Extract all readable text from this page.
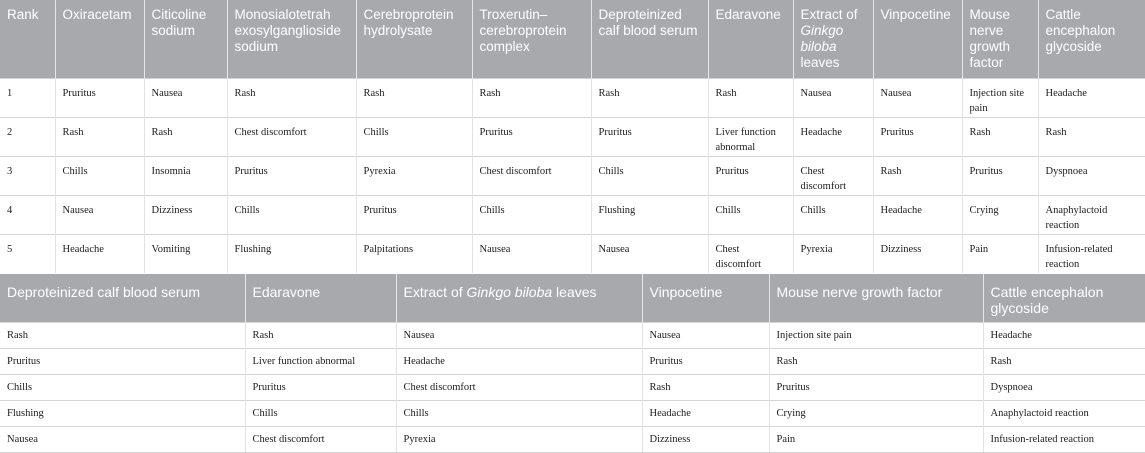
Rank	Oxiracetam	Citicoline sodium	Monosialotetrah exosylganglioside sodium	Cerebroprotein hydrolysate	Troxerutin–cerebroprotein complex	Deproteinized calf blood serum	Edaravone	Extract of Ginkgo biloba leaves	Vinpocetine	Mouse nerve growth factor	Cattle encephalon glycoside
1	Pruritus	Nausea	Rash	Rash	Rash	Rash	Rash	Nausea	Nausea	Injection site pain	Headache
2	Rash	Rash	Chest discomfort	Chills	Pruritus	Pruritus	Liver function abnormal	Headache	Pruritus	Rash	Rash
3	Chills	Insomnia	Pruritus	Pyrexia	Chest discomfort	Chills	Pruritus	Chest discomfort	Rash	Pruritus	Dyspnoea
4	Nausea	Dizziness	Chills	Pruritus	Chills	Flushing	Chills	Chills	Headache	Crying	Anaphylactoid reaction
5	Headache	Vomiting	Flushing	Palpitations	Nausea	Nausea	Chest discomfort	Pyrexia	Dizziness	Pain	Infusion-related reaction
Deproteinized calf blood serum	Edaravone	Extract of Ginkgo biloba leaves	Vinpocetine	Mouse nerve growth factor	Cattle encephalon glycoside
Rash	Rash	Nausea	Nausea	Injection site pain	Headache
Pruritus	Liver function abnormal	Headache	Pruritus	Rash	Rash
Chills	Pruritus	Chest discomfort	Rash	Pruritus	Dyspnoea
Flushing	Chills	Chills	Headache	Crying	Anaphylactoid reaction
Nausea	Chest discomfort	Pyrexia	Dizziness	Pain	Infusion-related reaction
